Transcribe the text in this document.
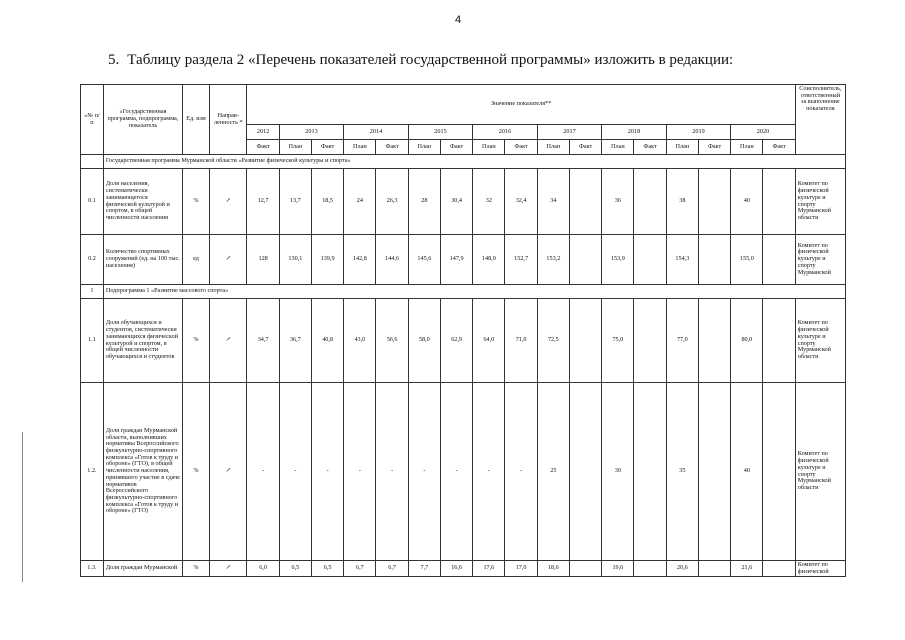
4
5. Таблицу раздела 2 «Перечень показателей государственной программы» изложить в редакции:
«№ п/п	«Государственная программа, подпрограмма, показатель	Ед. изм	Направ-ленность *	Значение показателя**																	Соисполнитель, ответственный за выполнение показателя
				2012	2013		2014		2015		2016		2017		2018		2019		2020		
				Факт	План	Факт	План	Факт	План	Факт	План	Факт	План	Факт	План	Факт	План	Факт	План	Факт	
	Государственная программа Мурманской области «Развитие физической культуры и спорта»																				
0.1	Доля населения, систематически занимающегося физической культурой и спортом, в общей численности населения	%	↗	12,7	13,7	18,5	24	26,3	28	30,4	32	32,4	34		36		38		40		Комитет по физической культуре и спорту Мурманской области
0.2	Количество спортивных сооружений (ед. на 100 тыс. населения)	ед	↗	128	130,1	139,9	142,8	144,6	145,6	147,9	148,9	152,7	153,2		153,9		154,3		155,0		Комитет по физической культуре и спорту Мурманской
1	Подпрограмма 1 «Развитие массового спорта»																				
1.1	Доля обучающихся и студентов, систематически занимающихся физической культурой и спортом, в общей численности обучающихся и студентов	%	↗	34,7	36,7	40,8	43,0	56,6	58,0	62,9	64,0	71,0	72,5		75,0		77,0		80,0		Комитет по физической культуре и спорту Мурманской области
1.2.	Доля граждан Мурманской области, выполнивших нормативы Всероссийского физкультурно-спортивного комплекса «Готов к труду и обороне» (ГТО), в общей численности населения, принявшего участие в сдаче нормативов Всероссийского физкультурно-спортивного комплекса «Готов к труду и обороне» (ГТО)	%	↗	-	-	-	-	-	-	-	-	-	25		30		35		40		Комитет по физической культуре и спорту Мурманской области
1.3.	Доля граждан Мурманской	%	↗	6,0	6,5	6,5	6,7	6,7	7,7	16,6	17,6	17,0	18,6		19,6		20,6		21,6		Комитет по физической
